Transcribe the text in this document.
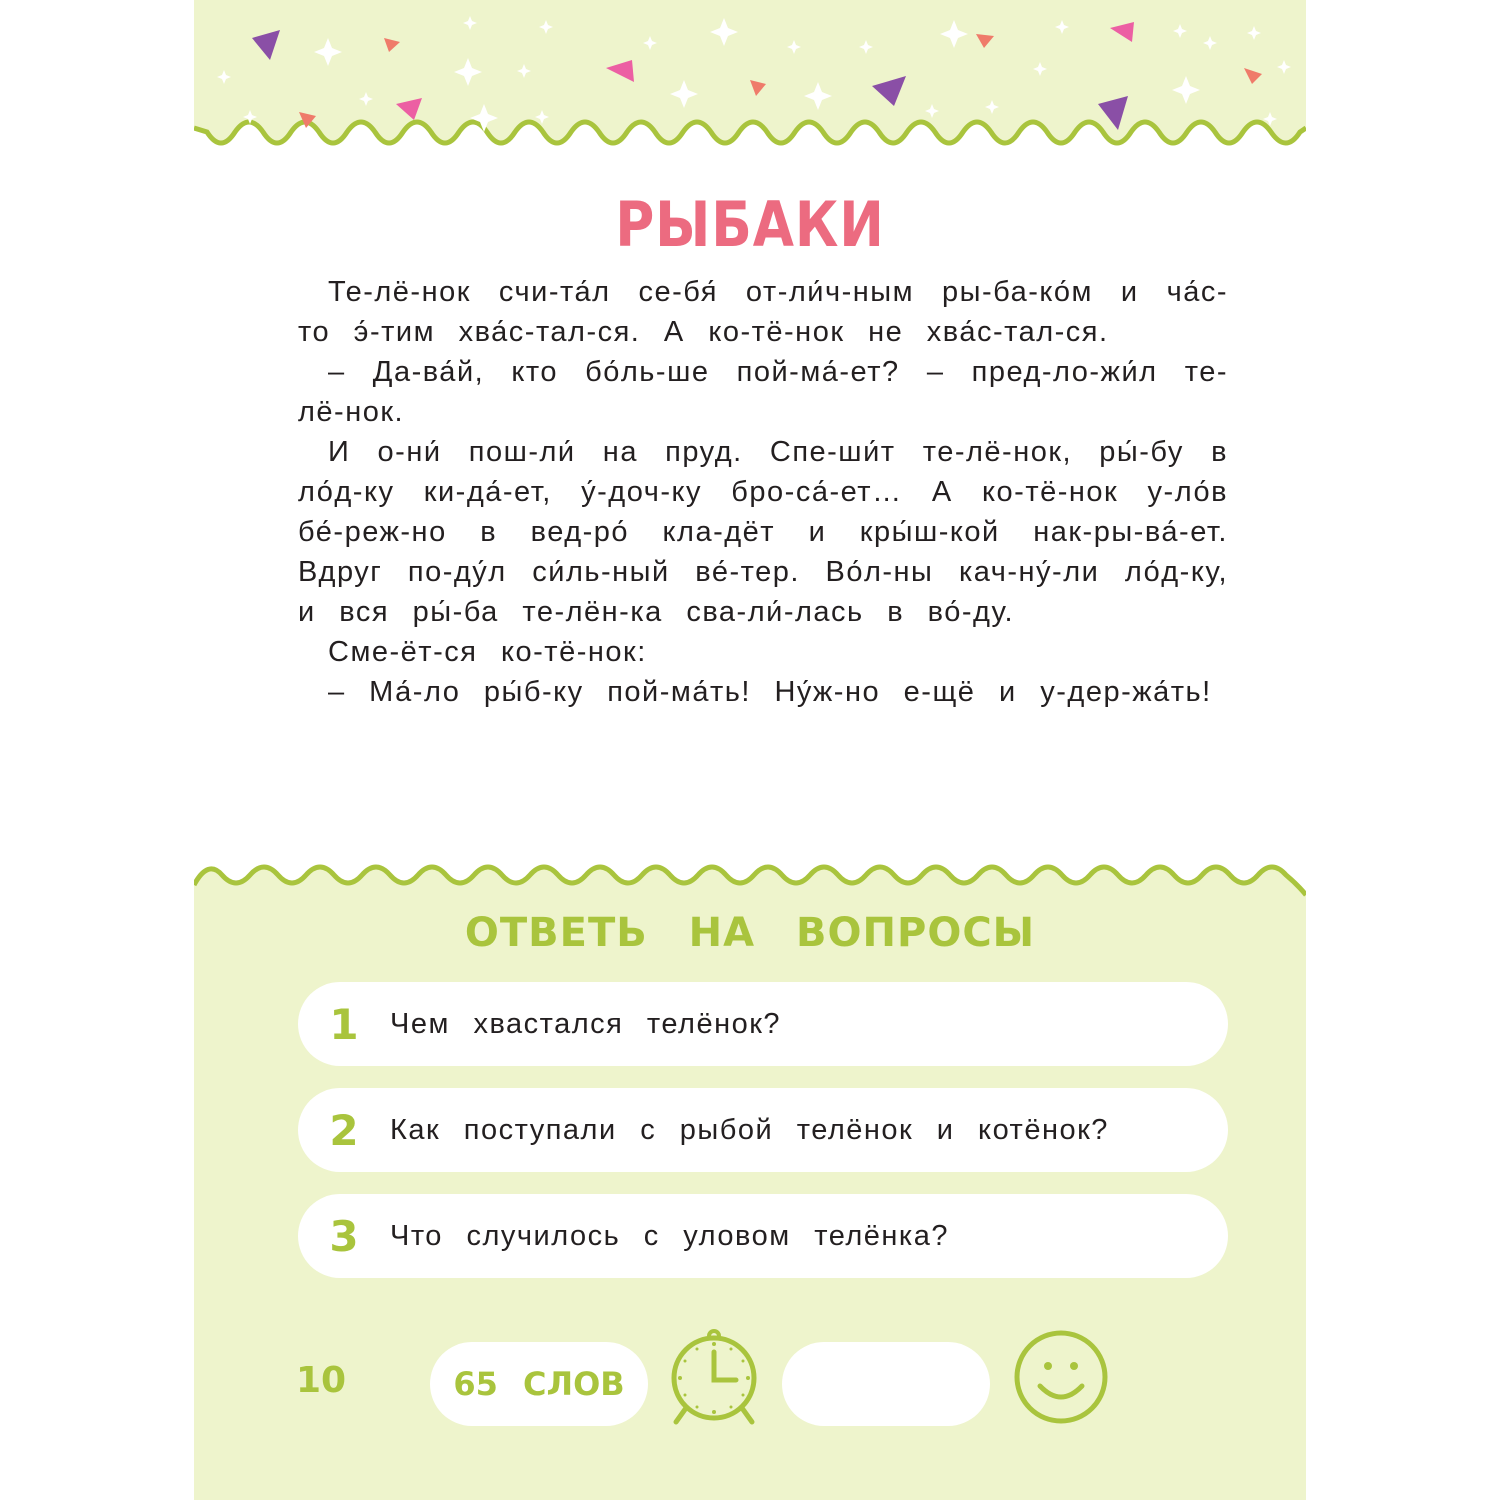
РЫБАКИ

Те-лё-нок счи-та́л се-бя́ от-ли́ч-ным ры-ба-ко́м и ча́с-то э́-тим хва́с-тал-ся. А ко-тё-нок не хва́с-тал-ся.

– Да-ва́й, кто бо́ль-ше пой-ма́-ет? – пред-ло-жи́л те-лё-нок.

И о-ни́ пош-ли́ на пруд. Спе-ши́т те-лё-нок, ры́-бу в ло́д-ку ки-да́-ет, у́-доч-ку бро-са́-ет… А ко-тё-нок у-ло́в бе́-реж-но в вед-ро́ кла-дёт и кры́ш-кой нак-ры-ва́-ет. Вдруг по-ду́л си́ль-ный ве́-тер. Во́л-ны кач-ну́-ли ло́д-ку, и вся ры́-ба те-лён-ка сва-ли́-лась в во́-ду.

Сме-ёт-ся ко-тё-нок:

– Ма́-ло ры́б-ку пой-ма́ть! Ну́ж-но е-щё и у-дер-жа́ть!

ОТВЕТЬ НА ВОПРОСЫ
1	Чем хвастался телёнок?
2	Как поступали с рыбой телёнок и котёнок?
3	Что случилось с уловом телёнка?
10	65 СЛОВ
